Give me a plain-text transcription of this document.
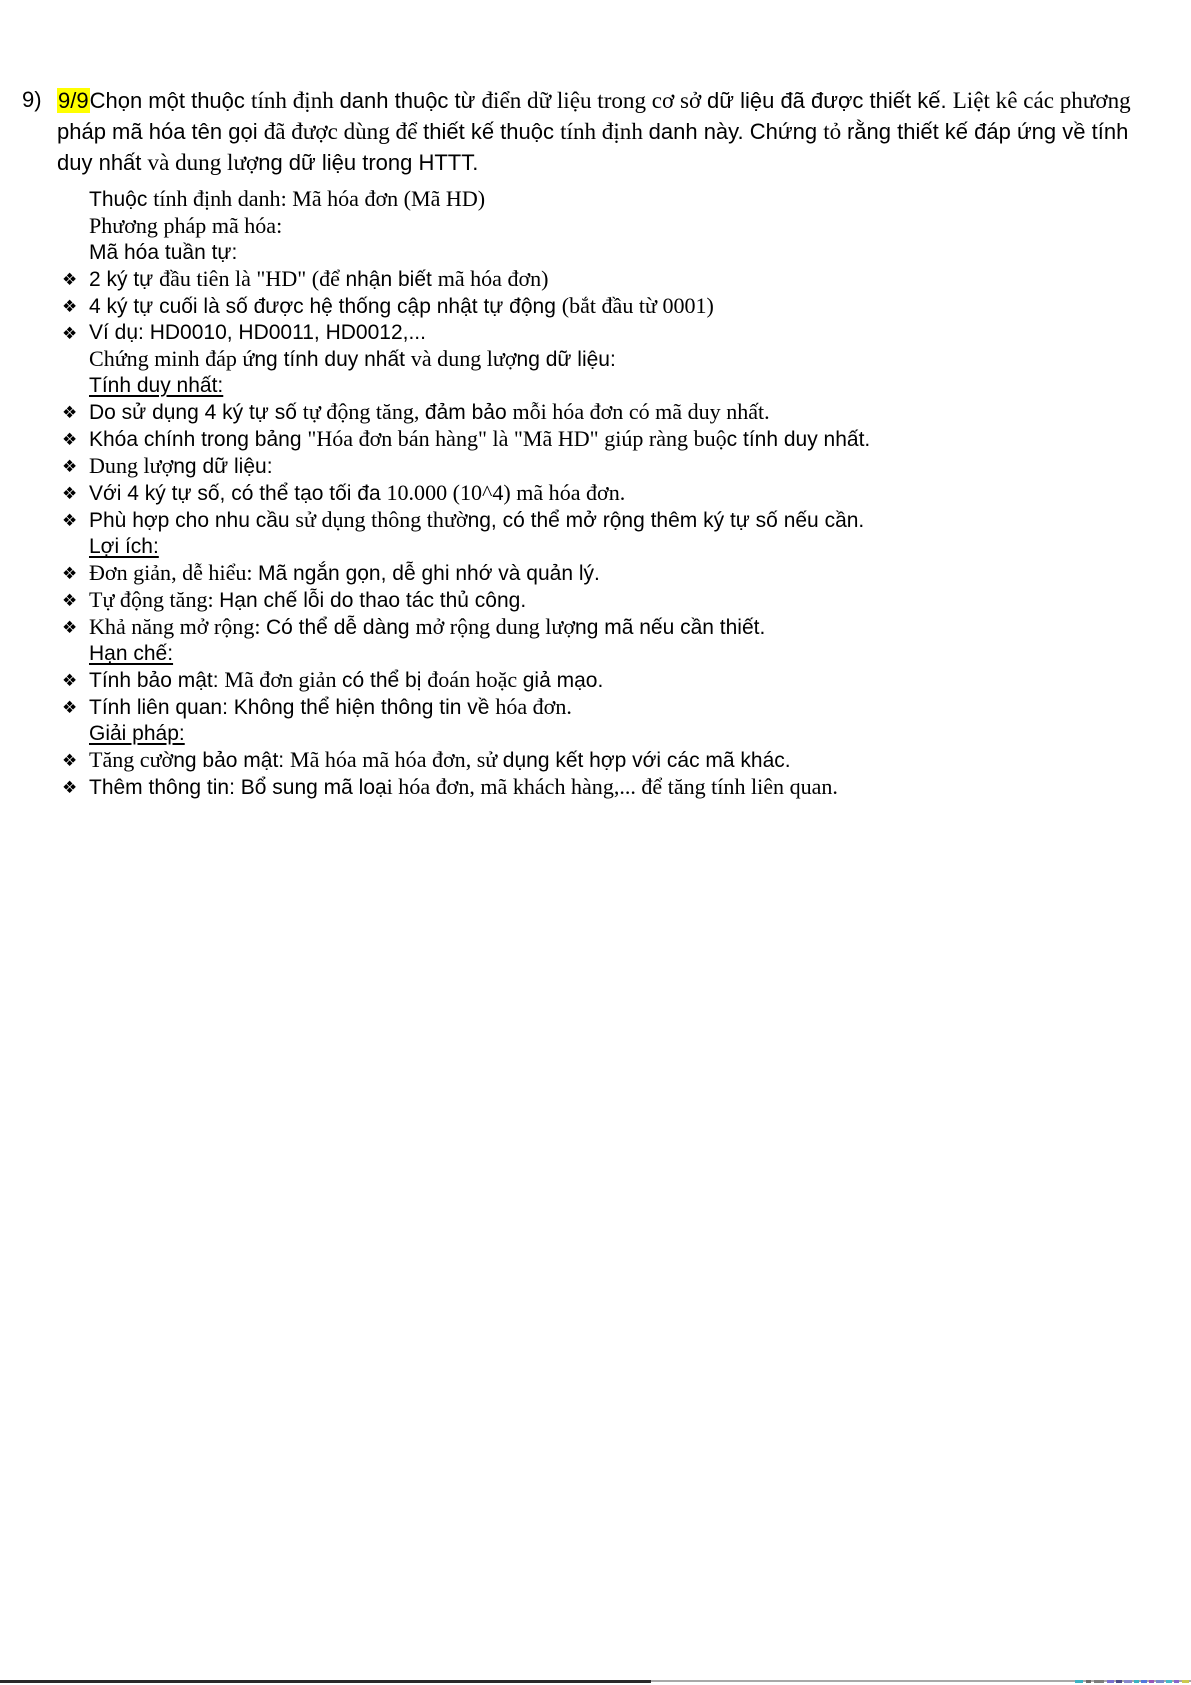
9) 9/9Chọn một thuộc tính định danh thuộc từ điển dữ liệu trong cơ sở dữ liệu đã được thiết kế. Liệt kê các phương
pháp mã hóa tên gọi đã được dùng để thiết kế thuộc tính định danh này. Chứng tỏ rằng thiết kế đáp ứng về tính
duy nhất và dung lượng dữ liệu trong HTTT.

Thuộc tính định danh: Mã hóa đơn (Mã HD)
Phương pháp mã hóa:
Mã hóa tuần tự:
❖ 2 ký tự đầu tiên là "HD" (để nhận biết mã hóa đơn)
❖ 4 ký tự cuối là số được hệ thống cập nhật tự động (bắt đầu từ 0001)
❖ Ví dụ: HD0010, HD0011, HD0012,...
Chứng minh đáp ứng tính duy nhất và dung lượng dữ liệu:
Tính duy nhất:
❖ Do sử dụng 4 ký tự số tự động tăng, đảm bảo mỗi hóa đơn có mã duy nhất.
❖ Khóa chính trong bảng "Hóa đơn bán hàng" là "Mã HD" giúp ràng buộc tính duy nhất.
❖ Dung lượng dữ liệu:
❖ Với 4 ký tự số, có thể tạo tối đa 10.000 (10^4) mã hóa đơn.
❖ Phù hợp cho nhu cầu sử dụng thông thường, có thể mở rộng thêm ký tự số nếu cần.
Lợi ích:
❖ Đơn giản, dễ hiểu: Mã ngắn gọn, dễ ghi nhớ và quản lý.
❖ Tự động tăng: Hạn chế lỗi do thao tác thủ công.
❖ Khả năng mở rộng: Có thể dễ dàng mở rộng dung lượng mã nếu cần thiết.
Hạn chế:
❖ Tính bảo mật: Mã đơn giản có thể bị đoán hoặc giả mạo.
❖ Tính liên quan: Không thể hiện thông tin về hóa đơn.
Giải pháp:
❖ Tăng cường bảo mật: Mã hóa mã hóa đơn, sử dụng kết hợp với các mã khác.
❖ Thêm thông tin: Bổ sung mã loại hóa đơn, mã khách hàng,... để tăng tính liên quan.
